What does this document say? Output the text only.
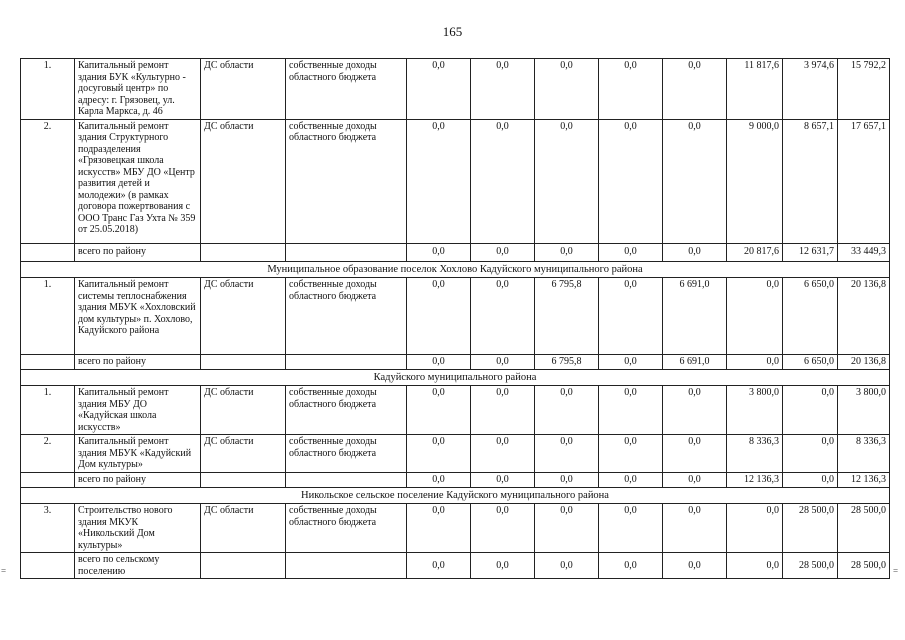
165
1.	Капитальный ремонт здания БУК «Культурно - досуговый центр» по адресу: г. Грязовец, ул. Карла Маркса, д. 46	ДС области	собственные доходы областного бюджета	0,0	0,0	0,0	0,0	0,0	11 817,6	3 974,6	15 792,2
2.	Капитальный ремонт здания Структурного подразделения «Грязовецкая школа искусств» МБУ ДО «Центр развития детей и молодежи» (в рамках договора пожертвования с ООО Транс Газ Ухта № 359 от 25.05.2018)	ДС области	собственные доходы областного бюджета	0,0	0,0	0,0	0,0	0,0	9 000,0	8 657,1	17 657,1
	всего по району			0,0	0,0	0,0	0,0	0,0	20 817,6	12 631,7	33 449,3
Муниципальное образование поселок Хохлово Кадуйского муниципального района											
1.	Капитальный ремонт системы теплоснабжения здания МБУК «Хохловский дом культуры» п. Хохлово, Кадуйского района	ДС области	собственные доходы областного бюджета	0,0	0,0	6 795,8	0,0	6 691,0	0,0	6 650,0	20 136,8
	всего по району			0,0	0,0	6 795,8	0,0	6 691,0	0,0	6 650,0	20 136,8
Кадуйского муниципального района											
1.	Капитальный ремонт здания МБУ ДО «Кадуйская школа искусств»	ДС области	собственные доходы областного бюджета	0,0	0,0	0,0	0,0	0,0	3 800,0	0,0	3 800,0
2.	Капитальный ремонт здания МБУК «Кадуйский Дом культуры»	ДС области	собственные доходы областного бюджета	0,0	0,0	0,0	0,0	0,0	8 336,3	0,0	8 336,3
	всего по району			0,0	0,0	0,0	0,0	0,0	12 136,3	0,0	12 136,3
Никольское сельское поселение Кадуйского муниципального района											
3.	Строительство нового здания МКУК «Никольский Дом культуры»	ДС области	собственные доходы областного бюджета	0,0	0,0	0,0	0,0	0,0	0,0	28 500,0	28 500,0
	всего по сельскому поселению			0,0	0,0	0,0	0,0	0,0	0,0	28 500,0	28 500,0
=	=
